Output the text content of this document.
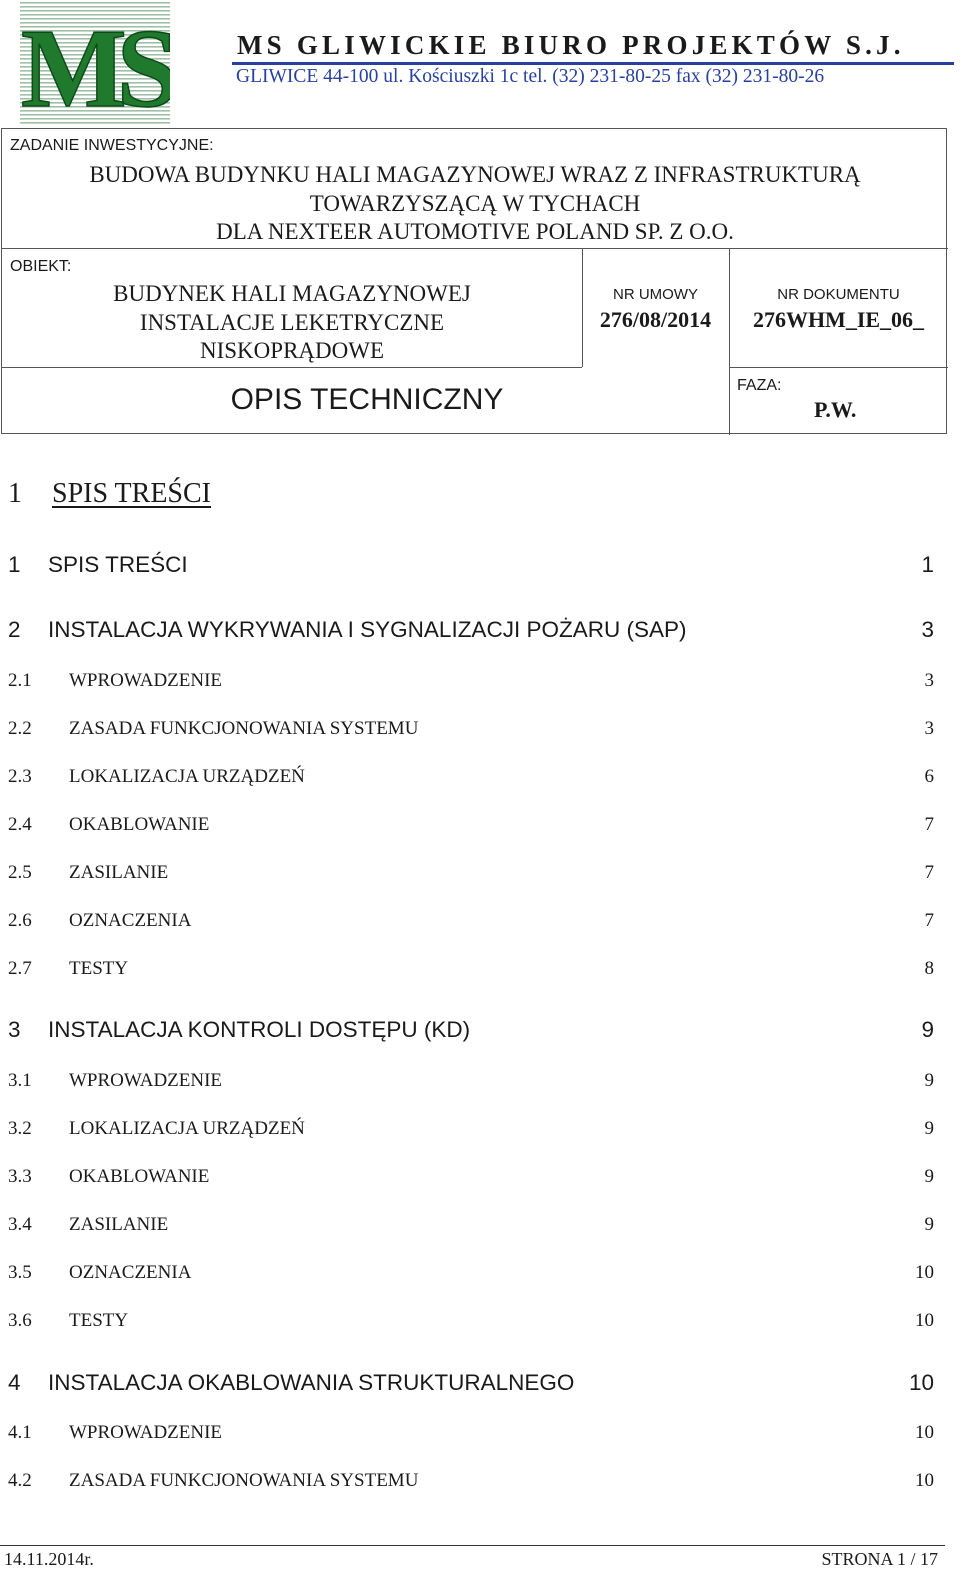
MS	MS GLIWICKIE BIURO PROJEKTÓW S.J.
GLIWICE 44-100 ul. Kościuszki 1c tel. (32) 231-80-25 fax (32) 231-80-26
ZADANIE INWESTYCYJNE:
BUDOWA BUDYNKU HALI MAGAZYNOWEJ WRAZ Z INFRASTRUKTURĄ
TOWARZYSZĄCĄ W TYCHACH
DLA NEXTEER AUTOMOTIVE POLAND SP. Z O.O.
OBIEKT:
BUDYNEK HALI MAGAZYNOWEJ
INSTALACJE LEKETRYCZNE
NISKOPRĄDOWE
NR UMOWY
276/08/2014
NR DOKUMENTU
276WHM_IE_06_
OPIS TECHNICZNY	FAZA:
P.W.
1 SPIS TREŚCI
1 SPIS TREŚCI	1
2 INSTALACJA WYKRYWANIA I SYGNALIZACJI POŻARU (SAP)	3
2.1 WPROWADZENIE	3
2.2 ZASADA FUNKCJONOWANIA SYSTEMU	3
2.3 LOKALIZACJA URZĄDZEŃ	6
2.4 OKABLOWANIE	7
2.5 ZASILANIE	7
2.6 OZNACZENIA	7
2.7 TESTY	8
3 INSTALACJA KONTROLI DOSTĘPU (KD)	9
3.1 WPROWADZENIE	9
3.2 LOKALIZACJA URZĄDZEŃ	9
3.3 OKABLOWANIE	9
3.4 ZASILANIE	9
3.5 OZNACZENIA	10
3.6 TESTY	10
4 INSTALACJA OKABLOWANIA STRUKTURALNEGO	10
4.1 WPROWADZENIE	10
4.2 ZASADA FUNKCJONOWANIA SYSTEMU	10
14.11.2014r.	STRONA 1 / 17
